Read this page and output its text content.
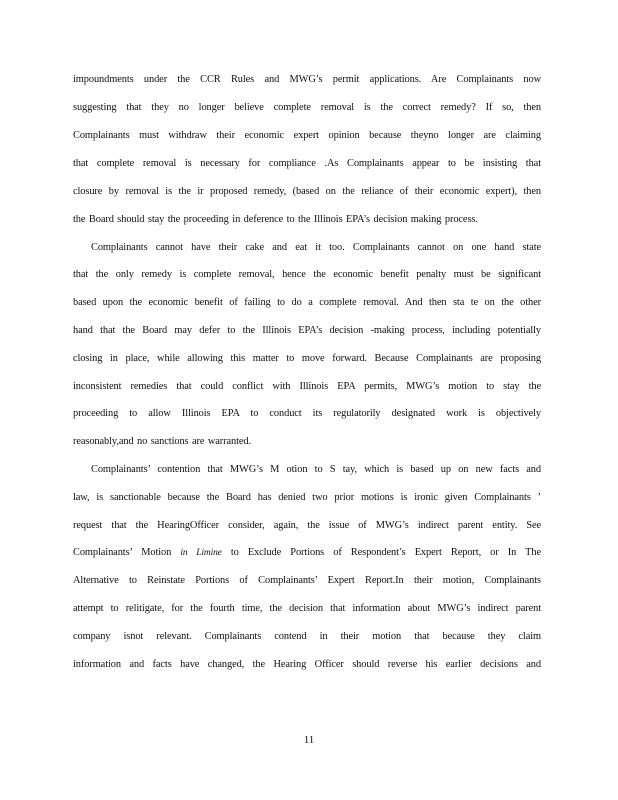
impoundments under the CCR Rules and MWG’s permit applications. Are Complainants now
suggesting that they no longer believe complete removal is the correct remedy? If so, then
Complainants must withdraw their economic expert opinion because theyno longer are claiming
that complete removal is necessary for compliance .As Complainants appear to be insisting that
closure by removal is the ir proposed remedy, (based on the reliance of their economic expert), then
the Board should stay the proceeding in deference to the Illinois EPA’s decision making process.
Complainants cannot have their cake and eat it too. Complainants cannot on one hand state
that the only remedy is complete removal, hence the economic benefit penalty must be significant
based upon the economic benefit of failing to do a complete removal. And then sta te on the other
hand that the Board may defer to the Illinois EPA’s decision -making process, including potentially
closing in place, while allowing this matter to move forward. Because Complainants are proposing
inconsistent remedies that could conflict with Illinois EPA permits, MWG’s motion to stay the
proceeding to allow Illinois EPA to conduct its regulatorily designated work is objectively
reasonably,and no sanctions are warranted.
Complainants’ contention that MWG’s M otion to S tay, which is based up on new facts and
law, is sanctionable because the Board has denied two prior motions is ironic given Complainants ’
request that the HearingOfficer consider, again, the issue of MWG’s indirect parent entity. See
Complainants’ Motion in Limine to Exclude Portions of Respondent’s Expert Report, or In The
Alternative to Reinstate Portions of Complainants’ Expert Report.In their motion, Complainants
attempt to relitigate, for the fourth time, the decision that information about MWG’s indirect parent
company isnot relevant. Complainants contend in their motion that because they claim
information and facts have changed, the Hearing Officer should reverse his earlier decisions and
11
